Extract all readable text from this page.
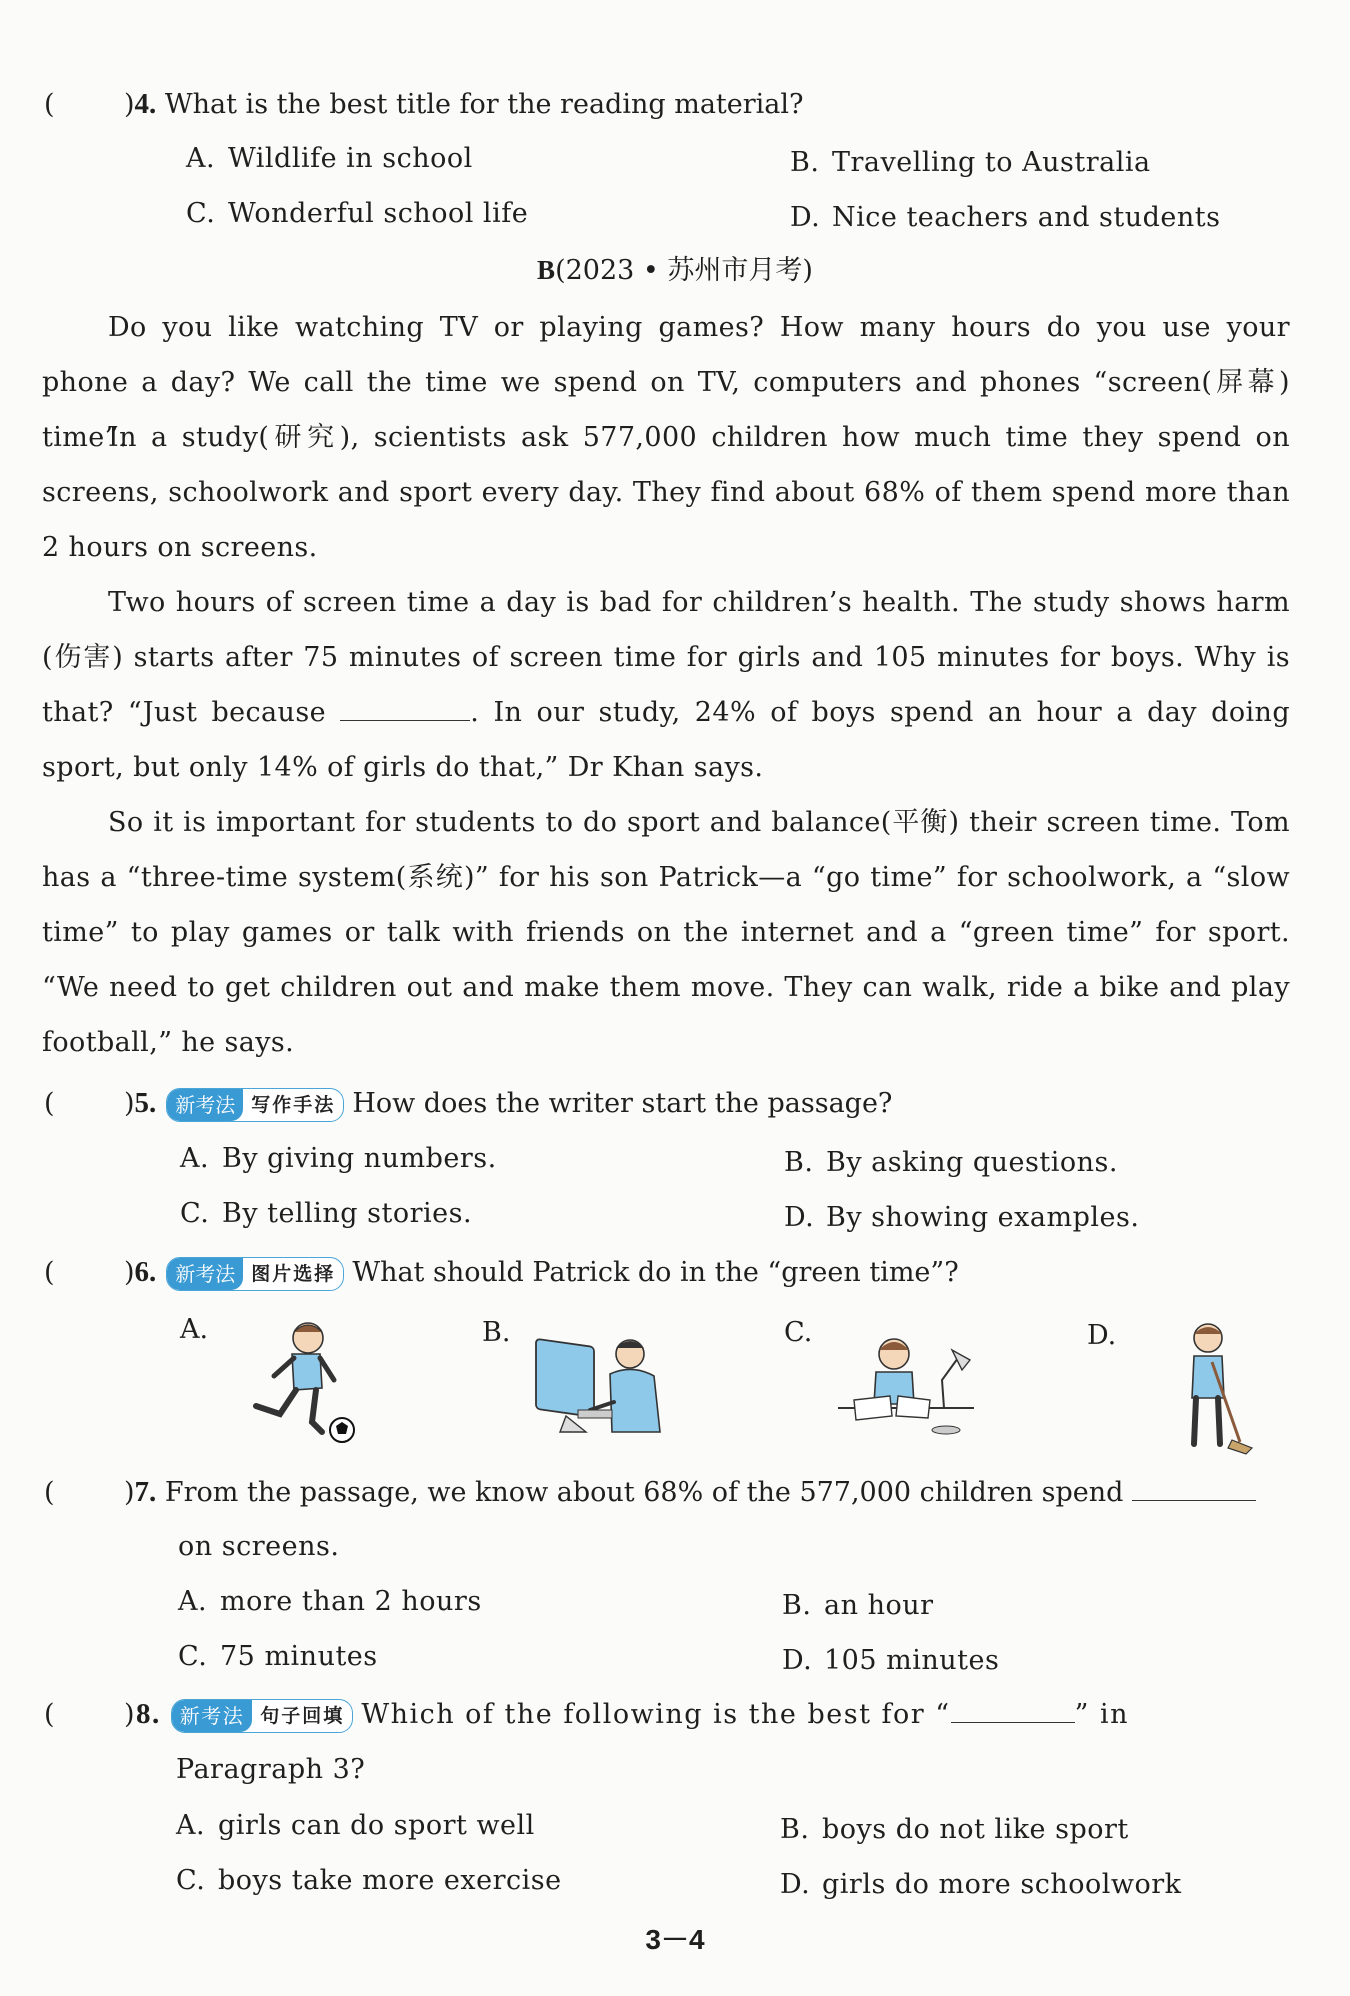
(	)4. What is the best title for the reading material?
A. Wildlife in school	B. Travelling to Australia
C. Wonderful school life	D. Nice teachers and students
B(2023 • 苏州市月考)
Do you like watching TV or playing games? How many hours do you use your phone a day? We call the time we spend on TV, computers and phones “screen(屏幕) time”.
In a study(研究), scientists ask 577,000 children how much time they spend on screens, schoolwork and sport every day. They find about 68% of them spend more than 2 hours on screens.
Two hours of screen time a day is bad for children’s health. The study shows harm (伤害) starts after 75 minutes of screen time for girls and 105 minutes for boys. Why is that? “Just because	. In our study, 24% of boys spend an hour a day doing sport, but only 14% of girls do that,” Dr Khan says.
So it is important for students to do sport and balance(平衡) their screen time. Tom has a “three-time system(系统)” for his son Patrick—a “go time” for schoolwork, a “slow time” to play games or talk with friends on the internet and a “green time” for sport. “We need to get children out and make them move. They can walk, ride a bike and play football,” he says.
(	)5. 新考法 写作手法 How does the writer start the passage?
A. By giving numbers.	B. By asking questions.
C. By telling stories.	D. By showing examples.
(	)6. 新考法 图片选择 What should Patrick do in the “green time”?
A.	B.	C.	D.
(	)7. From the passage, we know about 68% of the 577,000 children spend
on screens.
A. more than 2 hours	B. an hour
C. 75 minutes	D. 105 minutes
(	)8. 新考法 句子回填 Which of the following is the best for “	” in
Paragraph 3?
A. girls can do sport well	B. boys do not like sport
C. boys take more exercise	D. girls do more schoolwork
3－4
